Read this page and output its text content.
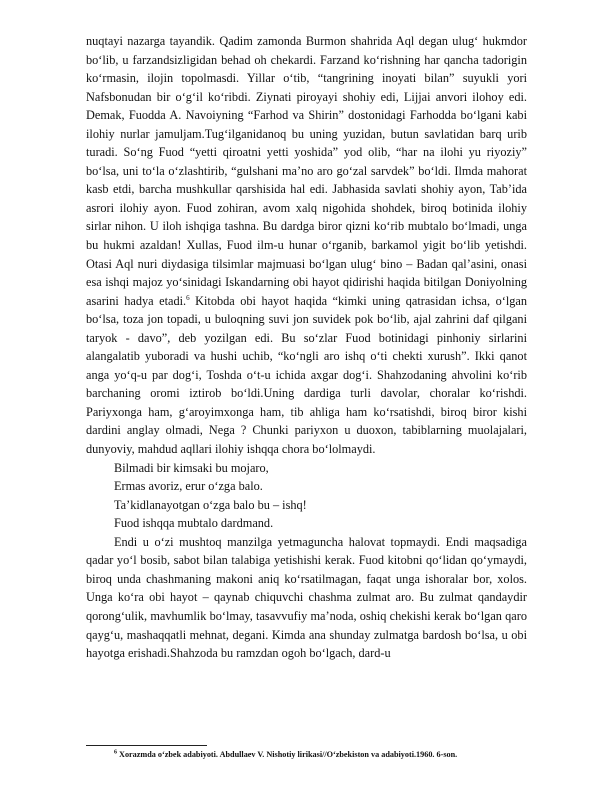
nuqtayi nazarga tayandik. Qadim zamonda Burmon shahrida Aql degan ulug‘ hukmdor bo‘lib, u farzandsizligidan behad oh chekardi. Farzand ko‘rishning har qancha tadorigin ko‘rmasin, ilojin topolmasdi. Yillar o‘tib, “tangrining inoyati bilan” suyukli yori Nafsbonudan bir o‘g‘il ko‘ribdi. Ziynati piroyayi shohiy edi, Lijjai anvori ilohoy edi. Demak, Fuodda A. Navoiyning “Farhod va Shirin” dostonidagi Farhodda bo‘lgani kabi ilohiy nurlar jamuljam.Tug‘ilganidanoq bu uning yuzidan, butun savlatidan barq urib turadi. So‘ng Fuod “yetti qiroatni yetti yoshida” yod olib, “har na ilohi yu riyoziy” bo‘lsa, uni to‘la o‘zlashtirib, “gulshani ma’no aro go‘zal sarvdek” bo‘ldi. Ilmda mahorat kasb etdi, barcha mushkullar qarshisida hal edi. Jabhasida savlati shohiy ayon, Tab’ida asrori ilohiy ayon. Fuod zohiran, avom xalq nigohida shohdek, biroq botinida ilohiy sirlar nihon. U iloh ishqiga tashna. Bu dardga biror qizni ko‘rib mubtalo bo‘lmadi, unga bu hukmi azaldan! Xullas, Fuod ilm-u hunar o‘rganib, barkamol yigit bo‘lib yetishdi. Otasi Aql nuri diydasiga tilsimlar majmuasi bo‘lgan ulug‘ bino – Badan qal’asini, onasi esa ishqi majoz yo‘sinidagi Iskandarning obi hayot qidirishi haqida bitilgan Doniyolning asarini hadya etadi.$^6$ Kitobda obi hayot haqida “kimki uning qatrasidan ichsa, o‘lgan bo‘lsa, toza jon topadi, u buloqning suvi jon suvidek pok bo‘lib, ajal zahrini daf qilgani taryok - davo”, deb yozilgan edi. Bu so‘zlar Fuod botinidagi pinhoniy sirlarini alangalatib yuboradi va hushi uchib, “ko‘ngli aro ishq o‘ti chekti xurush”. Ikki qanot anga yo‘q-u par dog‘i, Toshda o‘t-u ichida axgar dog‘i. Shahzodaning ahvolini ko‘rib barchaning oromi iztirob bo‘ldi.Uning dardiga turli davolar, choralar ko‘rishdi. Pariyxonga ham, g‘aroyimxonga ham, tib ahliga ham ko‘rsatishdi, biroq biror kishi dardini anglay olmadi, Nega ? Chunki pariyxon u duoxon, tabiblarning muolajalari, dunyoviy, mahdud aqllari ilohiy ishqqa chora bo‘lolmaydi.

Bilmadi bir kimsaki bu mojaro,

Ermas avoriz, erur o‘zga balo.

Ta’kidlanayotgan o‘zga balo bu – ishq!

Fuod ishqqa mubtalo dardmand.

Endi u o‘zi mushtoq manzilga yetmaguncha halovat topmaydi. Endi maqsadiga qadar yo‘l bosib, sabot bilan talabiga yetishishi kerak. Fuod kitobni qo‘lidan qo‘ymaydi, biroq unda chashmaning makoni aniq ko‘rsatilmagan, faqat unga ishoralar bor, xolos. Unga ko‘ra obi hayot – qaynab chiquvchi chashma zulmat aro. Bu zulmat qandaydir qorong‘ulik, mavhumlik bo‘lmay, tasavvufiy ma’noda, oshiq chekishi kerak bo‘lgan qaro qayg‘u, mashaqqatli mehnat, degani. Kimda ana shunday zulmatga bardosh bo‘lsa, u obi hayotga erishadi.Shahzoda bu ramzdan ogoh bo‘lgach, dard-u

$^6$ Xorazmda o‘zbek adabiyoti. Abdullaev V. Nishotiy lirikasi//O‘zbekiston va adabiyoti.1960. 6-son.
